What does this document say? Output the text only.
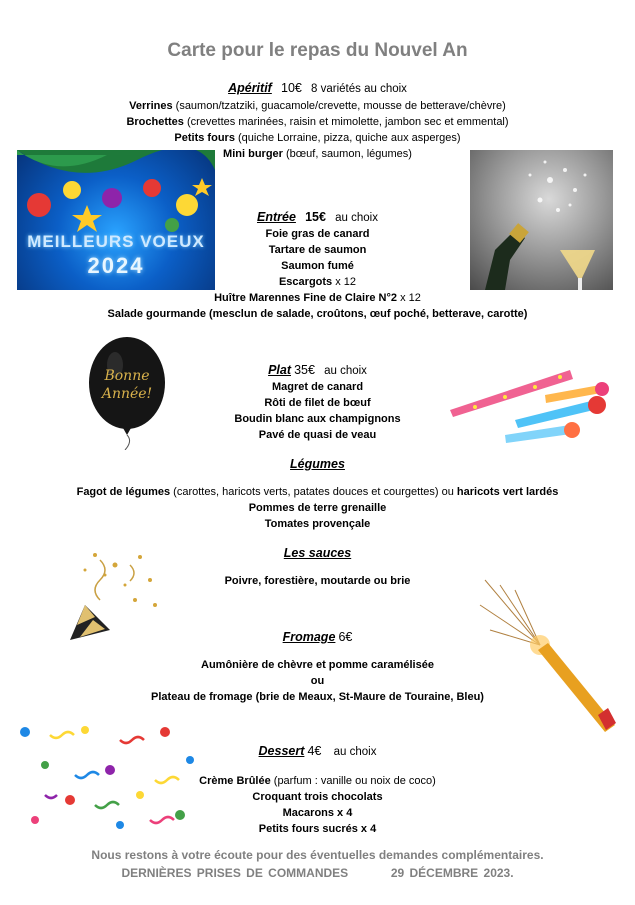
Carte pour le repas du Nouvel An
Apéritif 10€ 8 variétés au choix
Verrines (saumon/tzatziki, guacamole/crevette, mousse de betterave/chèvre)
Brochettes (crevettes marinées, raisin et mimolette, jambon sec et emmental)
Petits fours (quiche Lorraine, pizza, quiche aux asperges)
Mini burger (bœuf, saumon, légumes)
MEILLEURS VOEUX
2024
Entrée 15€ au choix
Foie gras de canard
Tartare de saumon
Saumon fumé
Escargots x 12
Huître Marennes Fine de Claire N°2 x 12
Salade gourmande (mesclun de salade, croûtons, œuf poché, betterave, carotte)
Bonne
Année!
Plat 35€ au choix
Magret de canard
Rôti de filet de bœuf
Boudin blanc aux champignons
Pavé de quasi de veau
Légumes
Fagot de légumes (carottes, haricots verts, patates douces et courgettes) ou haricots vert lardés
Pommes de terre grenaille
Tomates provençale
Les sauces
Poivre, forestière, moutarde ou brie
Fromage 6€
Aumônière de chèvre et pomme caramélisée
ou
Plateau de fromage (brie de Meaux, St-Maure de Touraine, Bleu)
Dessert 4€ au choix
Crème Brûlée (parfum : vanille ou noix de coco)
Croquant trois chocolats
Macarons x 4
Petits fours sucrés x 4
Nous restons à votre écoute pour des éventuelles demandes complémentaires.
DERNIÈRES PRISES DE COMMANDES	29 DÉCEMBRE 2023.
